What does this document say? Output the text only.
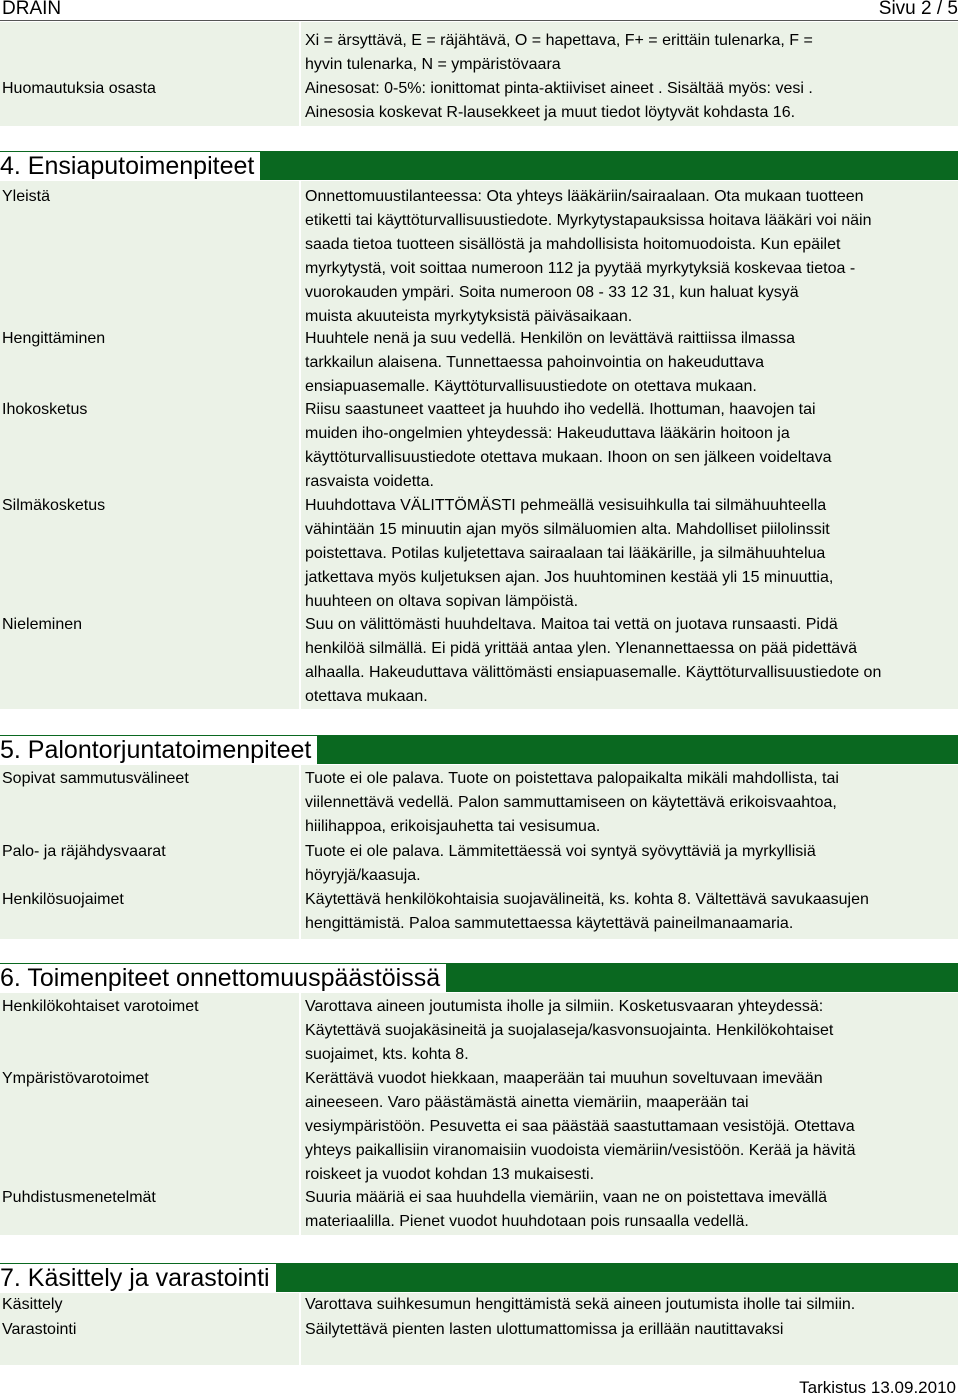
DRAIN	Sivu 2 / 5
Xi = ärsyttävä, E = räjähtävä, O = hapettava, F+ = erittäin tulenarka, F =
hyvin tulenarka, N = ympäristövaara
Huomautuksia osasta	Ainesosat: 0-5%: ionittomat pinta-aktiiviset aineet . Sisältää myös: vesi .
Ainesosia koskevat R-lausekkeet ja muut tiedot löytyvät kohdasta 16.
4. Ensiaputoimenpiteet
Yleistä	Onnettomuustilanteessa: Ota yhteys lääkäriin/sairaalaan. Ota mukaan tuotteen
etiketti tai käyttöturvallisuustiedote. Myrkytystapauksissa hoitava lääkäri voi näin
saada tietoa tuotteen sisällöstä ja mahdollisista hoitomuodoista. Kun epäilet
myrkytystä, voit soittaa numeroon 112 ja pyytää myrkytyksiä koskevaa tietoa -
vuorokauden ympäri. Soita numeroon 08 - 33 12 31, kun haluat kysyä
muista akuuteista myrkytyksistä päiväsaikaan.
Hengittäminen	Huuhtele nenä ja suu vedellä. Henkilön on levättävä raittiissa ilmassa
tarkkailun alaisena. Tunnettaessa pahoinvointia on hakeuduttava
ensiapuasemalle. Käyttöturvallisuustiedote on otettava mukaan.
Ihokosketus	Riisu saastuneet vaatteet ja huuhdo iho vedellä. Ihottuman, haavojen tai
muiden iho-ongelmien yhteydessä: Hakeuduttava lääkärin hoitoon ja
käyttöturvallisuustiedote otettava mukaan. Ihoon on sen jälkeen voideltava
rasvaista voidetta.
Silmäkosketus	Huuhdottava VÄLITTÖMÄSTI pehmeällä vesisuihkulla tai silmähuuhteella
vähintään 15 minuutin ajan myös silmäluomien alta. Mahdolliset piilolinssit
poistettava. Potilas kuljetettava sairaalaan tai lääkärille, ja silmähuuhtelua
jatkettava myös kuljetuksen ajan. Jos huuhtominen kestää yli 15 minuuttia,
huuhteen on oltava sopivan lämpöistä.
Nieleminen	Suu on välittömästi huuhdeltava. Maitoa tai vettä on juotava runsaasti. Pidä
henkilöä silmällä. Ei pidä yrittää antaa ylen. Ylenannettaessa on pää pidettävä
alhaalla. Hakeuduttava välittömästi ensiapuasemalle. Käyttöturvallisuustiedote on
otettava mukaan.
5. Palontorjuntatoimenpiteet
Sopivat sammutusvälineet	Tuote ei ole palava. Tuote on poistettava palopaikalta mikäli mahdollista, tai
viilennettävä vedellä. Palon sammuttamiseen on käytettävä erikoisvaahtoa,
hiilihappoa, erikoisjauhetta tai vesisumua.
Palo- ja räjähdysvaarat	Tuote ei ole palava. Lämmitettäessä voi syntyä syövyttäviä ja myrkyllisiä
höyryjä/kaasuja.
Henkilösuojaimet	Käytettävä henkilökohtaisia suojavälineitä, ks. kohta 8. Vältettävä savukaasujen
hengittämistä. Paloa sammutettaessa käytettävä paineilmanaamaria.
6. Toimenpiteet onnettomuuspäästöissä
Henkilökohtaiset varotoimet	Varottava aineen joutumista iholle ja silmiin. Kosketusvaaran yhteydessä:
Käytettävä suojakäsineitä ja suojalaseja/kasvonsuojainta. Henkilökohtaiset
suojaimet, kts. kohta 8.
Ympäristövarotoimet	Kerättävä vuodot hiekkaan, maaperään tai muuhun soveltuvaan imevään
aineeseen. Varo päästämästä ainetta viemäriin, maaperään tai
vesiympäristöön. Pesuvetta ei saa päästää saastuttamaan vesistöjä. Otettava
yhteys paikallisiin viranomaisiin vuodoista viemäriin/vesistöön. Kerää ja hävitä
roiskeet ja vuodot kohdan 13 mukaisesti.
Puhdistusmenetelmät	Suuria määriä ei saa huuhdella viemäriin, vaan ne on poistettava imevällä
materiaalilla. Pienet vuodot huuhdotaan pois runsaalla vedellä.
7. Käsittely ja varastointi
Käsittely	Varottava suihkesumun hengittämistä sekä aineen joutumista iholle tai silmiin.
Varastointi	Säilytettävä pienten lasten ulottumattomissa ja erillään nautittavaksi
Tarkistus 13.09.2010
